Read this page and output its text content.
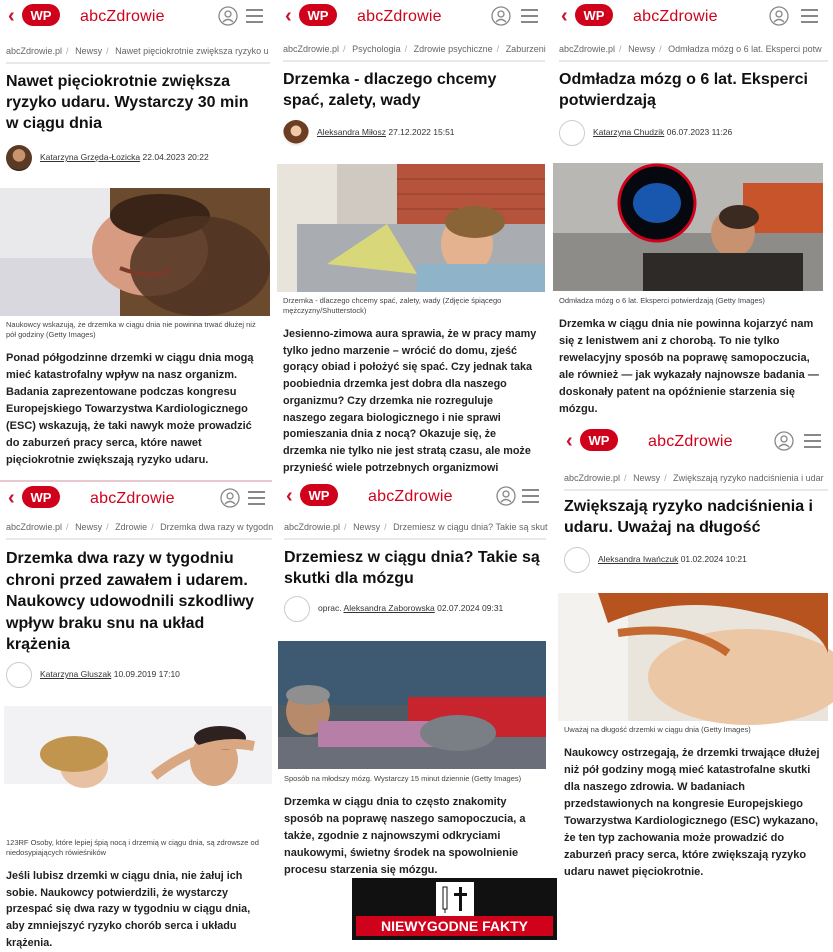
‹ WP abcZdrowie
abcZdrowie.pl / Newsy / Nawet pięciokrotnie zwiększa ryzyko u
Nawet pięciokrotnie zwiększa ryzyko udaru. Wystarczy 30 min w ciągu dnia
Katarzyna Grzęda-Łozicka 22.04.2023 20:22
Naukowcy wskazują, że drzemka w ciągu dnia nie powinna trwać dłużej niż pół godziny (Getty Images)
Ponad półgodzinne drzemki w ciągu dnia mogą mieć katastrofalny wpływ na nasz organizm. Badania zaprezentowane podczas kongresu Europejskiego Towarzystwa Kardiologicznego (ESC) wskazują, że taki nawyk może prowadzić do zaburzeń pracy serca, które nawet pięciokrotnie zwiększają ryzyko udaru.
‹ WP abcZdrowie
abcZdrowie.pl / Psychologia / Zdrowie psychiczne / Zaburzeni
Drzemka - dlaczego chcemy spać, zalety, wady
Aleksandra Miłosz 27.12.2022 15:51
Drzemka - dlaczego chcemy spać, zalety, wady (Zdjęcie śpiącego mężczyzny/Shutterstock)
Jesienno-zimowa aura sprawia, że w pracy mamy tylko jedno marzenie – wrócić do domu, zjeść gorący obiad i położyć się spać. Czy jednak taka poobiednia drzemka jest dobra dla naszego organizmu? Czy drzemka nie rozreguluje naszego zegara biologicznego i nie sprawi pomieszania dnia z nocą? Okazuje się, że drzemka nie tylko nie jest stratą czasu, ale może przynieść wiele potrzebnych organizmowi
‹ WP abcZdrowie
abcZdrowie.pl / Newsy / Odmładza mózg o 6 lat. Eksperci potw
Odmładza mózg o 6 lat. Eksperci potwierdzają
Katarzyna Chudzik 06.07.2023 11:26
Odmładza mózg o 6 lat. Eksperci potwierdzają (Getty Images)
Drzemka w ciągu dnia nie powinna kojarzyć nam się z lenistwem ani z chorobą. To nie tylko rewelacyjny sposób na poprawę samopoczucia, ale również — jak wykazały najnowsze badania — doskonały patent na opóźnienie starzenia się mózgu.
‹ WP abcZdrowie
abcZdrowie.pl / Newsy / Zdrowie / Drzemka dwa razy w tygodn
Drzemka dwa razy w tygodniu chroni przed zawałem i udarem. Naukowcy udowodnili szkodliwy wpływ braku snu na układ krążenia
Katarzyna Gluszak 10.09.2019 17:10
123RF Osoby, które lepiej śpią nocą i drzemią w ciągu dnia, są zdrowsze od niedosypiających rówieśników
Jeśli lubisz drzemki w ciągu dnia, nie żałuj ich sobie. Naukowcy potwierdzili, że wystarczy przespać się dwa razy w tygodniu w ciągu dnia, aby zmniejszyć ryzyko chorób serca i układu krążenia.
‹ WP abcZdrowie
abcZdrowie.pl / Newsy / Drzemiesz w ciągu dnia? Takie są skut
Drzemiesz w ciągu dnia? Takie są skutki dla mózgu
oprac. Aleksandra Zaborowska 02.07.2024 09:31
Sposób na młodszy mózg. Wystarczy 15 minut dziennie (Getty Images)
Drzemka w ciągu dnia to często znakomity sposób na poprawę naszego samopoczucia, a także, zgodnie z najnowszymi odkryciami naukowymi, świetny środek na spowolnienie procesu starzenia się mózgu.
‹ WP abcZdrowie
abcZdrowie.pl / Newsy / Zwiększają ryzyko nadciśnienia i udar
Zwiększają ryzyko nadciśnienia i udaru. Uważaj na długość
Aleksandra Iwańczuk 01.02.2024 10:21
Uważaj na długość drzemki w ciągu dnia (Getty Images)
Naukowcy ostrzegają, że drzemki trwające dłużej niż pół godziny mogą mieć katastrofalne skutki dla naszego zdrowia. W badaniach przedstawionych na kongresie Europejskiego Towarzystwa Kardiologicznego (ESC) wykazano, że ten typ zachowania może prowadzić do zaburzeń pracy serca, które zwiększają ryzyko udaru nawet pięciokrotnie.
NIEWYGODNE FAKTY
